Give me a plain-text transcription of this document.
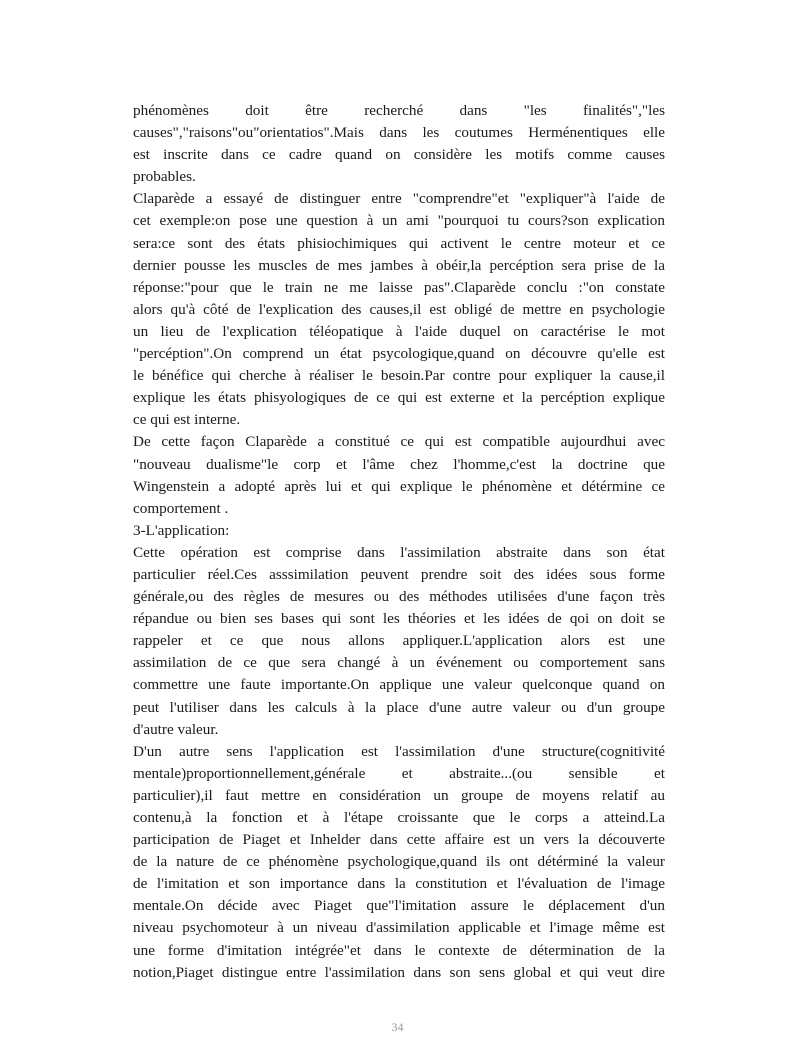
phénomènes doit être recherché dans "les finalités","les
causes","raisons"ou"orientatios".Mais dans les coutumes Herménentiques elle
est inscrite dans ce cadre quand on considère les motifs comme causes
probables.
Claparède a essayé de distinguer entre "comprendre"et "expliquer"à l'aide de
cet exemple:on pose une question à un ami "pourquoi tu cours?son explication
sera:ce sont des états phisiochimiques qui activent le centre moteur et ce
dernier pousse les muscles de mes jambes à obéir,la percéption sera prise de la
réponse:"pour que le train ne me laisse pas".Claparède conclu :"on constate
alors qu'à côté de l'explication des causes,il est obligé de mettre en psychologie
un lieu de l'explication téléopatique à l'aide duquel on caractérise le mot
"percéption".On comprend un état psycologique,quand on découvre qu'elle est
le bénéfice qui cherche à réaliser le besoin.Par contre pour expliquer la cause,il
explique les états phisyologiques de ce qui est externe et la percéption explique
ce qui est interne.
De cette façon Claparède a constitué ce qui est compatible aujourdhui avec
"nouveau dualisme"le corp et l'âme chez l'homme,c'est la doctrine que
Wingenstein a adopté après lui et qui explique le phénomène et détérmine ce
comportement .
3-L'application:
Cette opération est comprise dans l'assimilation abstraite dans son état
particulier réel.Ces asssimilation peuvent prendre soit des idées sous forme
générale,ou des règles de mesures ou des méthodes utilisées d'une façon très
répandue ou bien ses bases qui sont les théories et les idées de qoi on doit se
rappeler et ce que nous allons appliquer.L'application alors est une
assimilation de ce que sera changé à un événement ou comportement sans
commettre une faute importante.On applique une valeur quelconque quand on
peut l'utiliser dans les calculs à la place d'une autre valeur ou d'un groupe
d'autre valeur.
D'un autre sens l'application est l'assimilation d'une structure(cognitivité
mentale)proportionnellement,générale et abstraite...(ou sensible et
particulier),il faut mettre en considération un groupe de moyens relatif au
contenu,à la fonction et à l'étape croissante que le corps a atteind.La
participation de Piaget et Inhelder dans cette affaire est un vers la découverte
de la nature de ce phénomène psychologique,quand ils ont détérminé la valeur
de l'imitation et son importance dans la constitution et l'évaluation de l'image
mentale.On décide avec Piaget que"l'imitation assure le déplacement d'un
niveau psychomoteur à un niveau d'assimilation applicable et l'image même est
une forme d'imitation intégrée"et dans le contexte de détermination de la
notion,Piaget distingue entre l'assimilation dans son sens global et qui veut dire
34
